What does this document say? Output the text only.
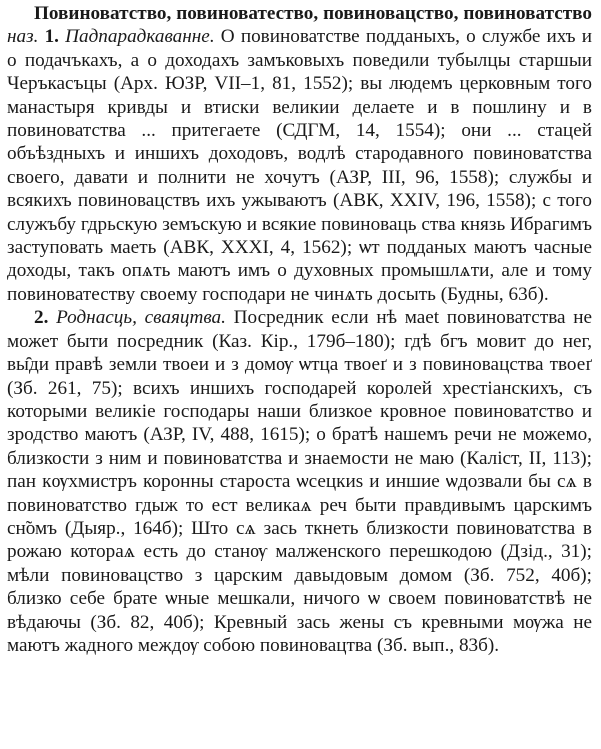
Повиноватство, повиноватество, повиновацство, повиноватство наз. 1. Падпарадкаванне. О повиноватстве подданыхъ, о службе ихъ и о подачъкахъ, а о доходахъ замъковыхъ поведили тубылцы старшыи Черъкасъцы (Арх. ЮЗР, VII–1, 81, 1552); вы людемъ церковным того манастыря кривды и втиски великии делаете и в пошлину и в повиноватства ... притегаете (СДГМ, 14, 1554); они ... стацей объѣздныхъ и иншихъ доходовъ, водлѣ стародавного повиноватства своего, давати и полнити не хочутъ (АЗР, III, 96, 1558); службы и всякихъ повиновацствъ ихъ ужываютъ (АВК, XXIV, 196, 1558); с того служъбу гдрьскую земъскую и всякие повиноваць ства князь Ибрагимъ заступовать маеть (АВК, XXXI, 4, 1562); ѡт подданых маютъ часные доходы, такъ опѧть маютъ имъ о духовных промышлѧти, але и тому повиноватеству своему господари не чинѧть досыть (Будны, 63б).

2. Роднасць, сваяцтва. Посредник если нѣ маеt повиноватства не может быти посредник (Каз. Кір., 179б–180); гдѣ бгъ мовит до нег, вы̑ди правѣ земли твоеи и з домѹ ѡтца твоеґ и з повиновацства твоеґ (Зб. 261, 75); всихъ иншихъ господарей королей хрестіанскихъ, съ которыми великіе господары наши близкое кровное повиноватство и зродство маютъ (АЗР, IV, 488, 1615); о братѣ нашемъ речи не можемо, близкости з ним и повиноватства и знаемости не маю (Каліст, II, 113); пан кѹхмистръ коронны старостa ѡсецкиs и иншие ѡдозвали бы сѧ в повиноватство гдыж то ест великаѧ реч быти правдивымъ царскимъ сн̃омъ (Дыяр., 164б); Што сѧ зась ткнеть близкости повиноватства в рожаю котораѧ есть до станѹ малженского перешкодою (Дзід., 31); мѣли повиновацство з царским давыдовым домом (Зб. 752, 40б); близко себе брате ѡные мешкали, ничого ѡ своем повиноватствѣ не вѣдаючы (Зб. 82, 40б); Кревный зась жены съ кревными мѹжа не маютъ жадного междѹ собою повиновацтва (Зб. вып., 83б).
